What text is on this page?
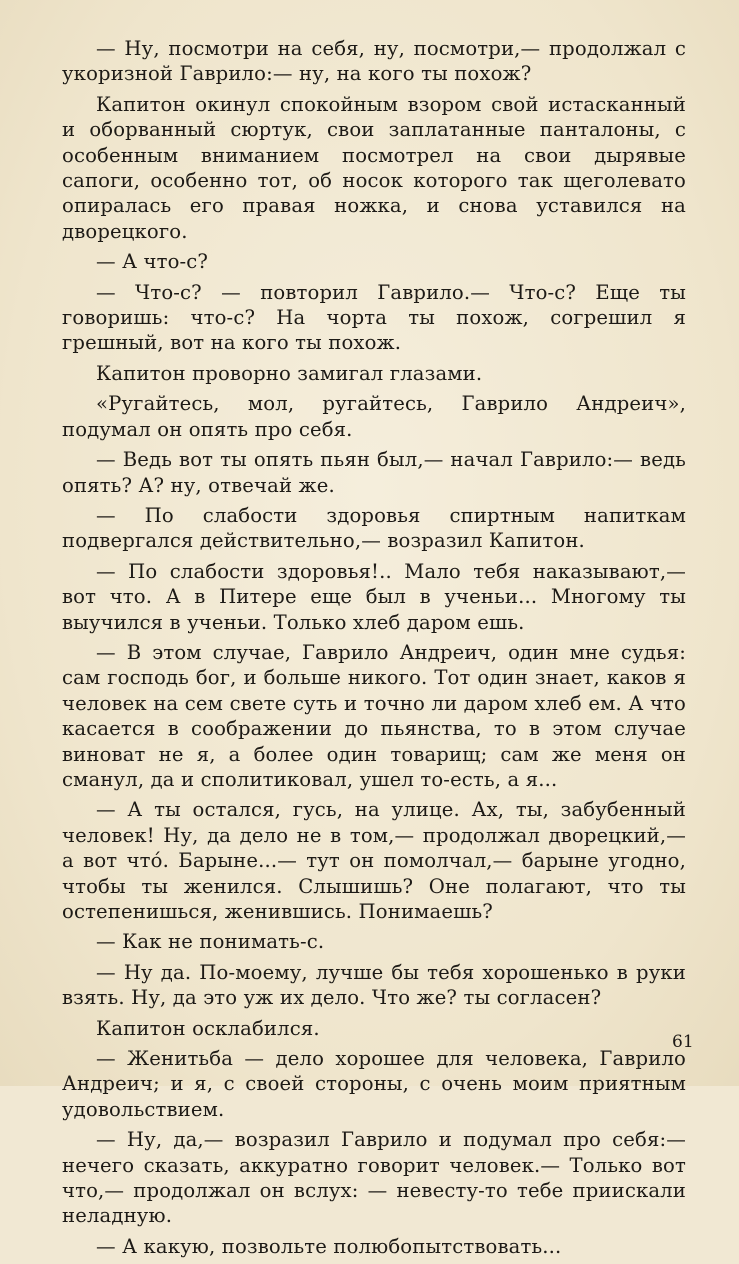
— Ну, посмотри на себя, ну, посмотри,— продолжал с укоризной Гаврило:— ну, на кого ты похож?

Капитон окинул спокойным взором свой истасканный и оборванный сюртук, свои заплатанные панталоны, с особенным вниманием посмотрел на свои дырявые сапоги, особенно тот, об носок которого так щеголевато опиралась его правая ножка, и снова уставился на дворецкого.

— А что-с?

— Что-с? — повторил Гаврило.— Что-с? Еще ты говоришь: что-с? На чорта ты похож, согрешил я грешный, вот на кого ты похож.

Капитон проворно замигал глазами.

«Ругайтесь, мол, ругайтесь, Гаврило Андреич», подумал он опять про себя.

— Ведь вот ты опять пьян был,— начал Гаврило:— ведь опять? А? ну, отвечай же.

— По слабости здоровья спиртным напиткам подвергался действительно,— возразил Капитон.

— По слабости здоровья!.. Мало тебя наказывают,— вот что. А в Питере еще был в ученьи... Многому ты выучился в ученьи. Только хлеб даром ешь.

— В этом случае, Гаврило Андреич, один мне судья: сам господь бог, и больше никого. Тот один знает, каков я человек на сем свете суть и точно ли даром хлеб ем. А что касается в соображении до пьянства, то в этом случае виноват не я, а более один товарищ; сам же меня он сманул, да и сполитиковал, ушел то-есть, а я...

— А ты остался, гусь, на улице. Ах, ты, забубенный человек! Ну, да дело не в том,— продолжал дворецкий,— а вот что́. Барыне...— тут он помолчал,— барыне угодно, чтобы ты женился. Слышишь? Оне полагают, что ты остепенишься, женившись. Понимаешь?

— Как не понимать-с.

— Ну да. По-моему, лучше бы тебя хорошенько в руки взять. Ну, да это уж их дело. Что же? ты согласен?

Капитон осклабился.

— Женитьба — дело хорошее для человека, Гаврило Андреич; и я, с своей стороны, с очень моим приятным удовольствием.

— Ну, да,— возразил Гаврило и подумал про себя:— нечего сказать, аккуратно говорит человек.— Только вот что,— продолжал он вслух: — невесту-то тебе приискали неладную.

— А какую, позвольте полюбопытствовать...

61
